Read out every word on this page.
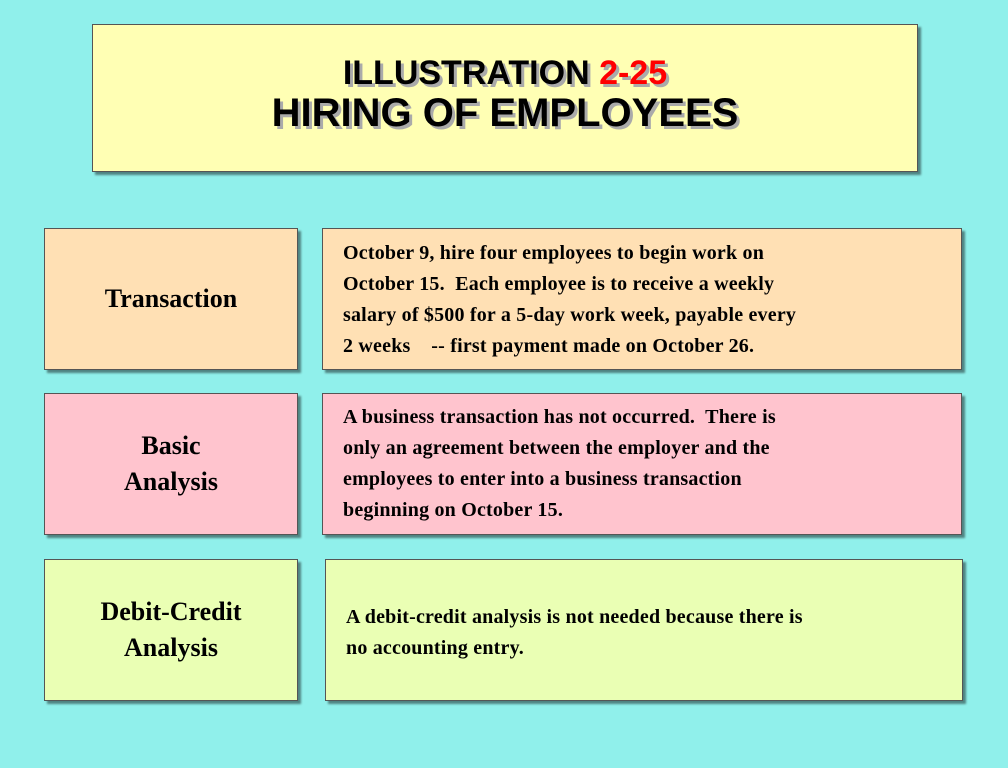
ILLUSTRATION 2-25
HIRING OF EMPLOYEES
Transaction
October 9, hire four employees to begin work on
October 15.  Each employee is to receive a weekly
salary of $500 for a 5-day work week, payable every
2 weeks    -- first payment made on October 26.
Basic
Analysis
A business transaction has not occurred.  There is
only an agreement between the employer and the
employees to enter into a business transaction
beginning on October 15.
Debit-Credit
Analysis
A debit-credit analysis is not needed because there is
no accounting entry.
